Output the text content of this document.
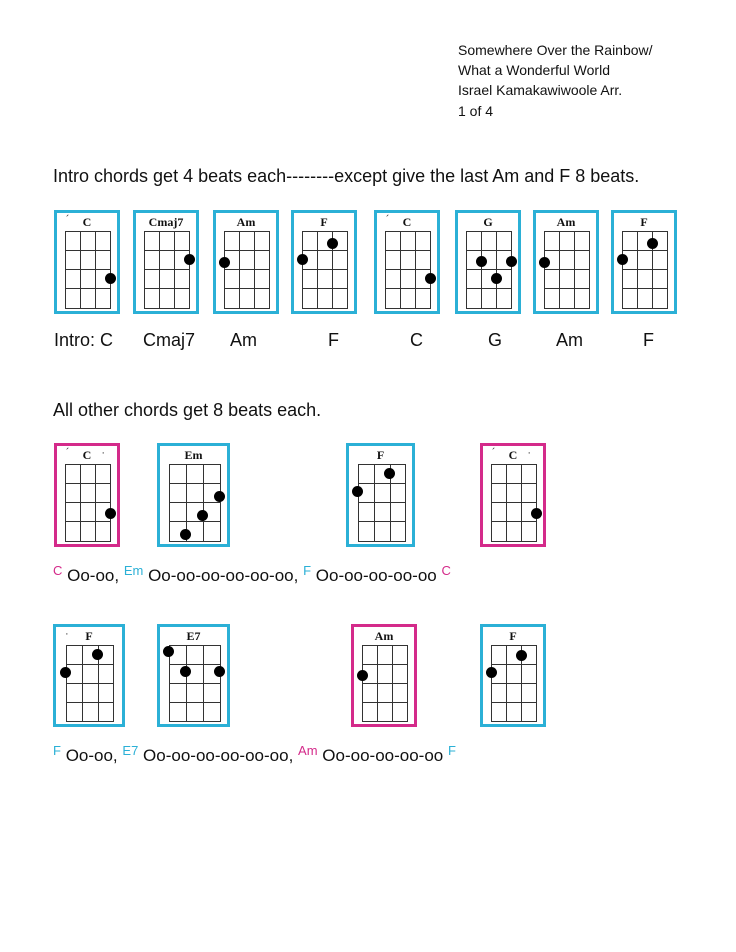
Somewhere Over the Rainbow/
What a Wonderful World
Israel Kamakawiwoole Arr.
1 of 4
Intro chords get 4 beats each--------except give the last Am and F 8 beats.
´	C	Cmaj7	Am	F	´	C	G	Am	F
Intro: C Cmaj7 Am	F	C	G	Am	F
All other chords get 8 beats each.
´	·
C	Em	F	´	·
C
$^C$ Oo-oo, $^{Em}$ Oo-oo-oo-oo-oo-oo, $^F$ Oo-oo-oo-oo-oo $^C$
·	F	E7	Am	F
$^F$ Oo-oo, $^{E7}$ Oo-oo-oo-oo-oo-oo, $^{Am}$ Oo-oo-oo-oo-oo $^F$
